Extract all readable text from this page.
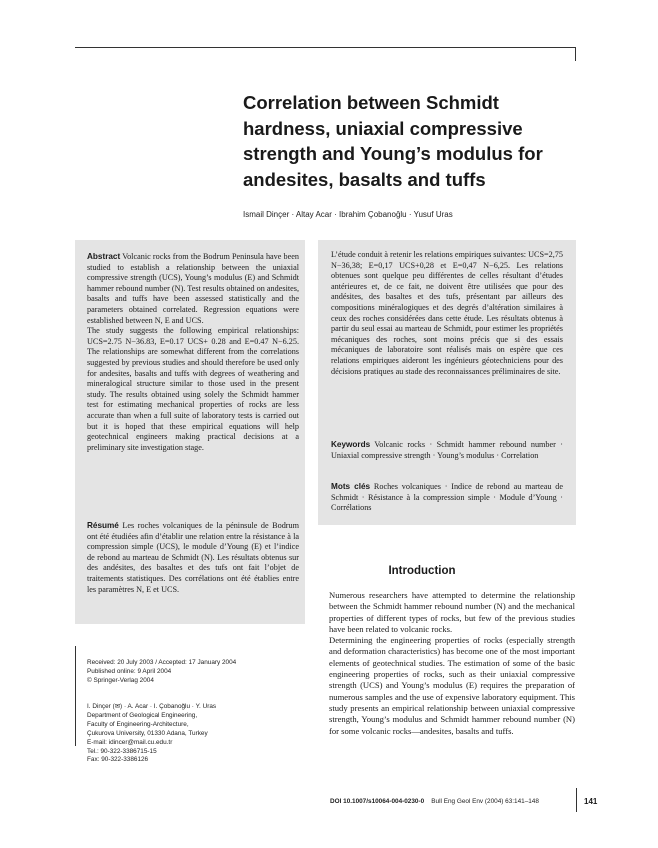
Correlation between Schmidt hardness, uniaxial compressive strength and Young’s modulus for andesites, basalts and tuffs
Ismail Dinçer · Altay Acar · Ibrahim Çobanoğlu · Yusuf Uras

Abstract Volcanic rocks from the Bodrum Peninsula have been studied to establish a relationship between the uniaxial compressive strength (UCS), Young’s modulus (E) and Schmidt hammer rebound number (N). Test results obtained on andesites, basalts and tuffs have been assessed statistically and the parameters obtained correlated. Regression equations were established between N, E and UCS.

The study suggests the following empirical relationships: UCS=2.75 N−36.83, E=0.17 UCS+ 0.28 and E=0.47 N−6.25. The relationships are somewhat different from the correlations suggested by previous studies and should therefore be used only for andesites, basalts and tuffs with degrees of weathering and mineralogical structure similar to those used in the present study. The results obtained using solely the Schmidt hammer test for estimating mechanical properties of rocks are less accurate than when a full suite of laboratory tests is carried out but it is hoped that these empirical equations will help geotechnical engineers making practical decisions at a preliminary site investigation stage.

Résumé Les roches volcaniques de la péninsule de Bodrum ont été étudiées afin d’établir une relation entre la résistance à la compression simple (UCS), le module d’Young (E) et l’indice de rebond au marteau de Schmidt (N). Les résultats obtenus sur des andésites, des basaltes et des tufs ont fait l’objet de traitements statistiques. Des corrélations ont été établies entre les paramètres N, E et UCS.

L’étude conduit à retenir les relations empiriques suivantes: UCS=2,75 N−36,38; E=0,17 UCS+0,28 et E=0,47 N−6,25. Les relations obtenues sont quelque peu différentes de celles résultant d’études antérieures et, de ce fait, ne doivent être utilisées que pour des andésites, des basaltes et des tufs, présentant par ailleurs des compositions minéralogiques et des degrés d’altération similaires à ceux des roches considérées dans cette étude. Les résultats obtenus à partir du seul essai au marteau de Schmidt, pour estimer les propriétés mécaniques des roches, sont moins précis que si des essais mécaniques de laboratoire sont réalisés mais on espère que ces relations empiriques aideront les ingénieurs géotechniciens pour des décisions pratiques au stade des reconnaissances préliminaires de site.

Keywords Volcanic rocks · Schmidt hammer rebound number · Uniaxial compressive strength · Young’s modulus · Correlation

Mots clés Roches volcaniques · Indice de rebond au marteau de Schmidt · Résistance à la compression simple · Module d’Young · Corrélations

Received: 20 July 2003 / Accepted: 17 January 2004

Published online: 9 April 2004

© Springer-Verlag 2004

I. Dinçer (✉) · A. Acar · I. Çobanoğlu · Y. Uras

Department of Geological Engineering,

Faculty of Engineering-Architecture,

Çukurova University, 01330 Adana, Turkey

E-mail: idincer@mail.cu.edu.tr

Tel.: 90-322-3386715-15

Fax: 90-322-3386126

Introduction

Numerous researchers have attempted to determine the relationship between the Schmidt hammer rebound number (N) and the mechanical properties of different types of rocks, but few of the previous studies have been related to volcanic rocks.

Determining the engineering properties of rocks (especially strength and deformation characteristics) has become one of the most important elements of geotechnical studies. The estimation of some of the basic engineering properties of rocks, such as their uniaxial compressive strength (UCS) and Young’s modulus (E) requires the preparation of numerous samples and the use of expensive laboratory equipment. This study presents an empirical relationship between uniaxial compressive strength, Young’s modulus and Schmidt hammer rebound number (N) for some volcanic rocks—andesites, basalts and tuffs.

DOI 10.1007/s10064-004-0230-0 Bull Eng Geol Env (2004) 63:141–148	141
